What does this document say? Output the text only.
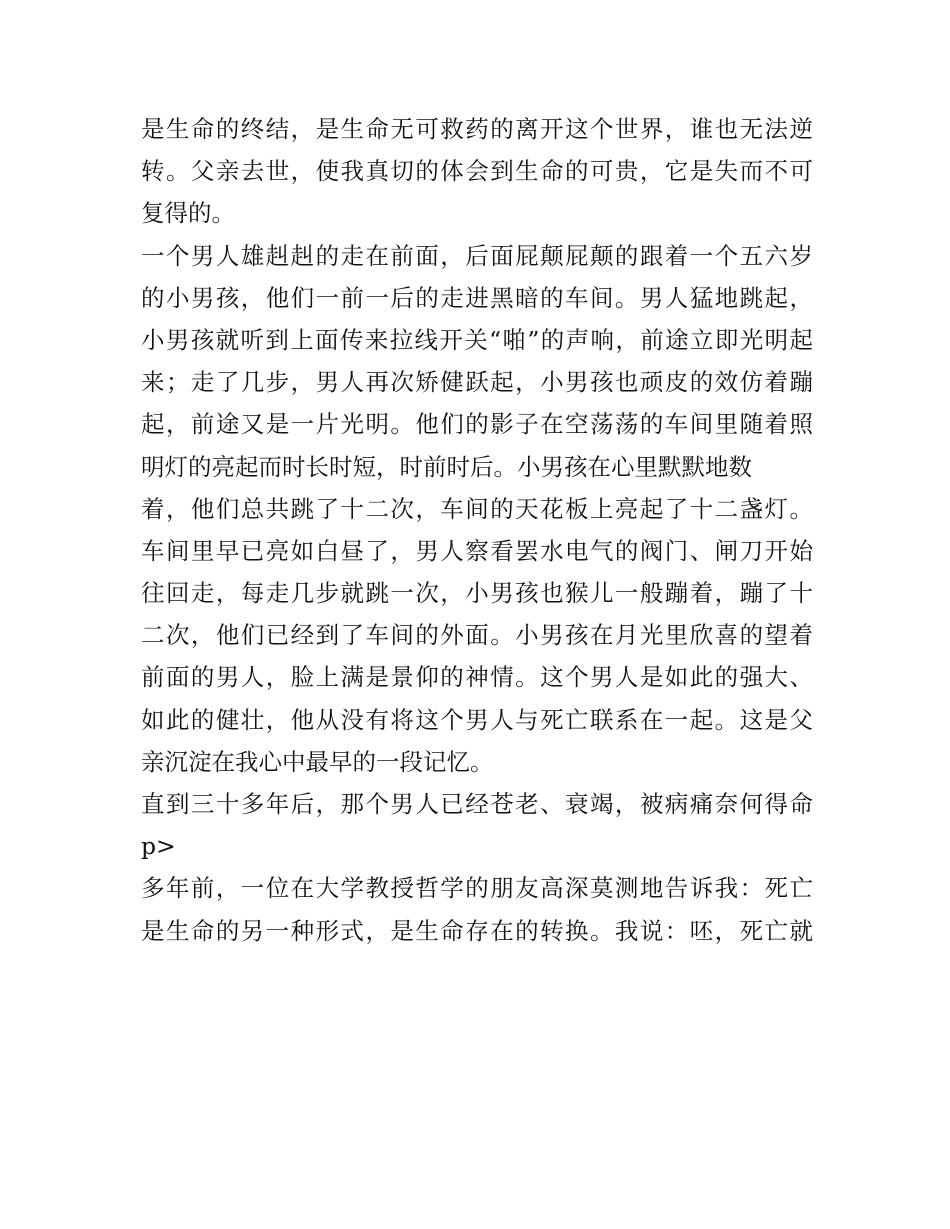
是生命的终结，是生命无可救药的离开这个世界，谁也无法逆
转。父亲去世，使我真切的体会到生命的可贵，它是失而不可
复得的。
一个男人雄赳赳的走在前面，后面屁颠屁颠的跟着一个五六岁
的小男孩，他们一前一后的走进黑暗的车间。男人猛地跳起，
小男孩就听到上面传来拉线开关“啪”的声响，前途立即光明起
来；走了几步，男人再次矫健跃起，小男孩也顽皮的效仿着蹦
起，前途又是一片光明。他们的影子在空荡荡的车间里随着照
明灯的亮起而时长时短，时前时后。小男孩在心里默默地数
着，他们总共跳了十二次，车间的天花板上亮起了十二盏灯。
车间里早已亮如白昼了，男人察看罢水电气的阀门、闸刀开始
往回走，每走几步就跳一次，小男孩也猴儿一般蹦着，蹦了十
二次，他们已经到了车间的外面。小男孩在月光里欣喜的望着
前面的男人，脸上满是景仰的神情。这个男人是如此的强大、
如此的健壮，他从没有将这个男人与死亡联系在一起。这是父
亲沉淀在我心中最早的一段记忆。
直到三十多年后，那个男人已经苍老、衰竭，被病痛奈何得命
p>
多年前，一位在大学教授哲学的朋友高深莫测地告诉我：死亡
是生命的另一种形式，是生命存在的转换。我说：呸，死亡就
